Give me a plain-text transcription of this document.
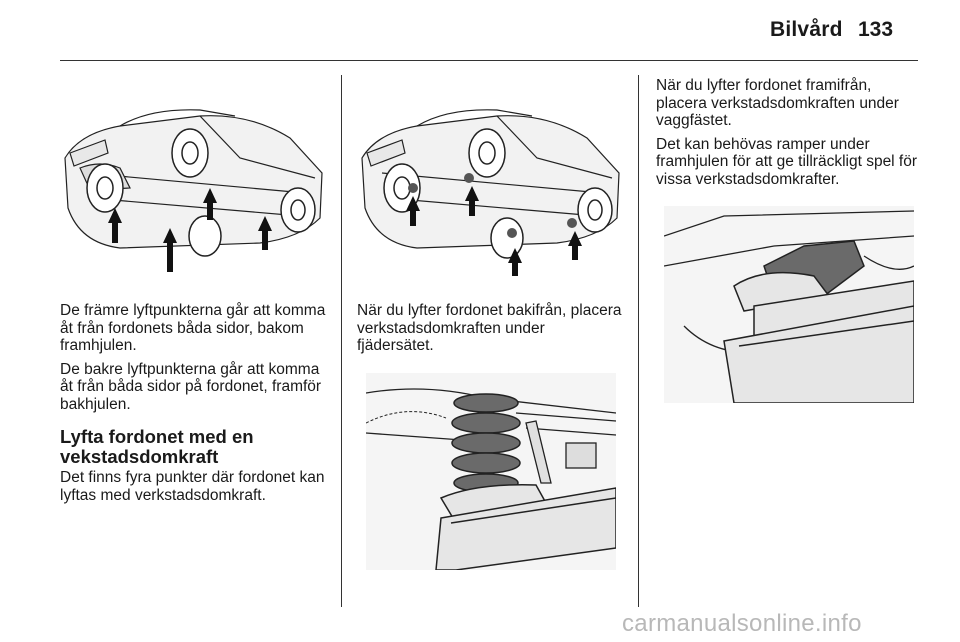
Bilvård 133

De främre lyftpunkterna går att komma åt från fordonets båda sidor, bakom framhjulen.

De bakre lyftpunkterna går att komma åt från båda sidor på fordonet, framför bakhjulen.

Lyfta fordonet med en vekstadsdomkraft

Det finns fyra punkter där fordonet kan lyftas med verkstadsdomkraft.

När du lyfter fordonet bakifrån, placera verkstadsdomkraften under fjädersätet.

När du lyfter fordonet framifrån, placera verkstadsdomkraften under vaggfästet.

Det kan behövas ramper under framhjulen för att ge tillräckligt spel för vissa verkstadsdomkrafter.

carmanualsonline.info
